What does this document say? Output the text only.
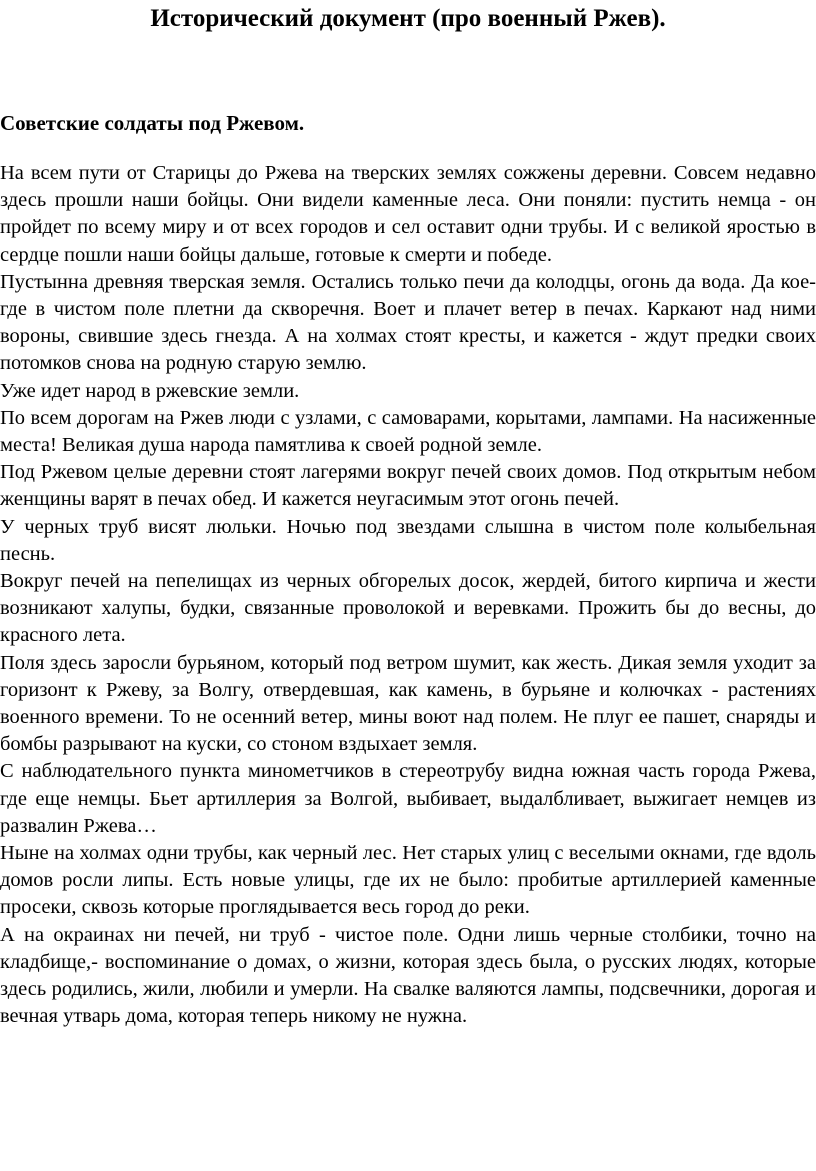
Исторический документ (про военный Ржев).
Советские солдаты под Ржевом.

На всем пути от Старицы до Ржева на тверских землях сожжены деревни. Совсем недавно здесь прошли наши бойцы. Они видели каменные леса. Они поняли: пустить немца - он пройдет по всему миру и от всех городов и сел оставит одни трубы. И с великой яростью в сердце пошли наши бойцы дальше, готовые к смерти и победе.

Пустынна древняя тверская земля. Остались только печи да колодцы, огонь да вода. Да кое-где в чистом поле плетни да скворечня. Воет и плачет ветер в печах. Каркают над ними вороны, свившие здесь гнезда. А на холмах стоят кресты, и кажется - ждут предки своих потомков снова на родную старую землю.

Уже идет народ в ржевские земли.

По всем дорогам на Ржев люди с узлами, с самоварами, корытами, лампами. На насиженные места! Великая душа народа памятлива к своей родной земле.

Под Ржевом целые деревни стоят лагерями вокруг печей своих домов. Под открытым небом женщины варят в печах обед. И кажется неугасимым этот огонь печей.

У черных труб висят люльки. Ночью под звездами слышна в чистом поле колыбельная песнь.

Вокруг печей на пепелищах из черных обгорелых досок, жердей, битого кирпича и жести возникают халупы, будки, связанные проволокой и веревками. Прожить бы до весны, до красного лета.

Поля здесь заросли бурьяном, который под ветром шумит, как жесть. Дикая земля уходит за горизонт к Ржеву, за Волгу, отвердевшая, как камень, в бурьяне и колючках - растениях военного времени. То не осенний ветер, мины воют над полем. Не плуг ее пашет, снаряды и бомбы разрывают на куски, со стоном вздыхает земля.

С наблюдательного пункта минометчиков в стереотрубу видна южная часть города Ржева, где еще немцы. Бьет артиллерия за Волгой, выбивает, выдалбливает, выжигает немцев из развалин Ржева…

Ныне на холмах одни трубы, как черный лес. Нет старых улиц с веселыми окнами, где вдоль домов росли липы. Есть новые улицы, где их не было: пробитые артиллерией каменные просеки, сквозь которые проглядывается весь город до реки.

А на окраинах ни печей, ни труб - чистое поле. Одни лишь черные столбики, точно на кладбище,- воспоминание о домах, о жизни, которая здесь была, о русских людях, которые здесь родились, жили, любили и умерли. На свалке валяются лампы, подсвечники, дорогая и вечная утварь дома, которая теперь никому не нужна.
